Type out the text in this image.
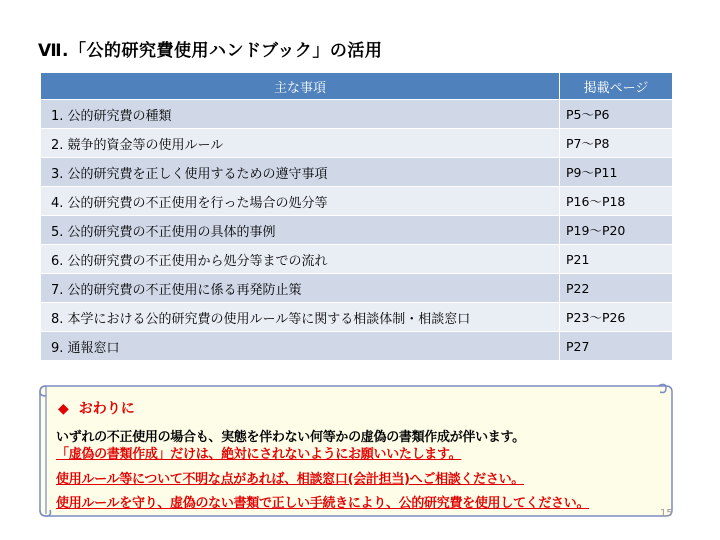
Ⅶ.「公的研究費使用ハンドブック」の活用
主な事項	掲載ページ
1. 公的研究費の種類	P5〜P6
2. 競争的資金等の使用ルール	P7〜P8
3. 公的研究費を正しく使用するための遵守事項	P9〜P11
4. 公的研究費の不正使用を行った場合の処分等	P16〜P18
5. 公的研究費の不正使用の具体的事例	P19〜P20
6. 公的研究費の不正使用から処分等までの流れ	P21
7. 公的研究費の不正使用に係る再発防止策	P22
8. 本学における公的研究費の使用ルール等に関する相談体制・相談窓口	P23〜P26
9. 通報窓口	P27
◆ おわりに
いずれの不正使用の場合も、実態を伴わない何等かの虚偽の書類作成が伴います。
「虚偽の書類作成」だけは、絶対にされないようにお願いいたします。
使用ルール等について不明な点があれば、相談窓口(会計担当)へご相談ください。
使用ルールを守り、虚偽のない書類で正しい手続きにより、公的研究費を使用してください。
15
